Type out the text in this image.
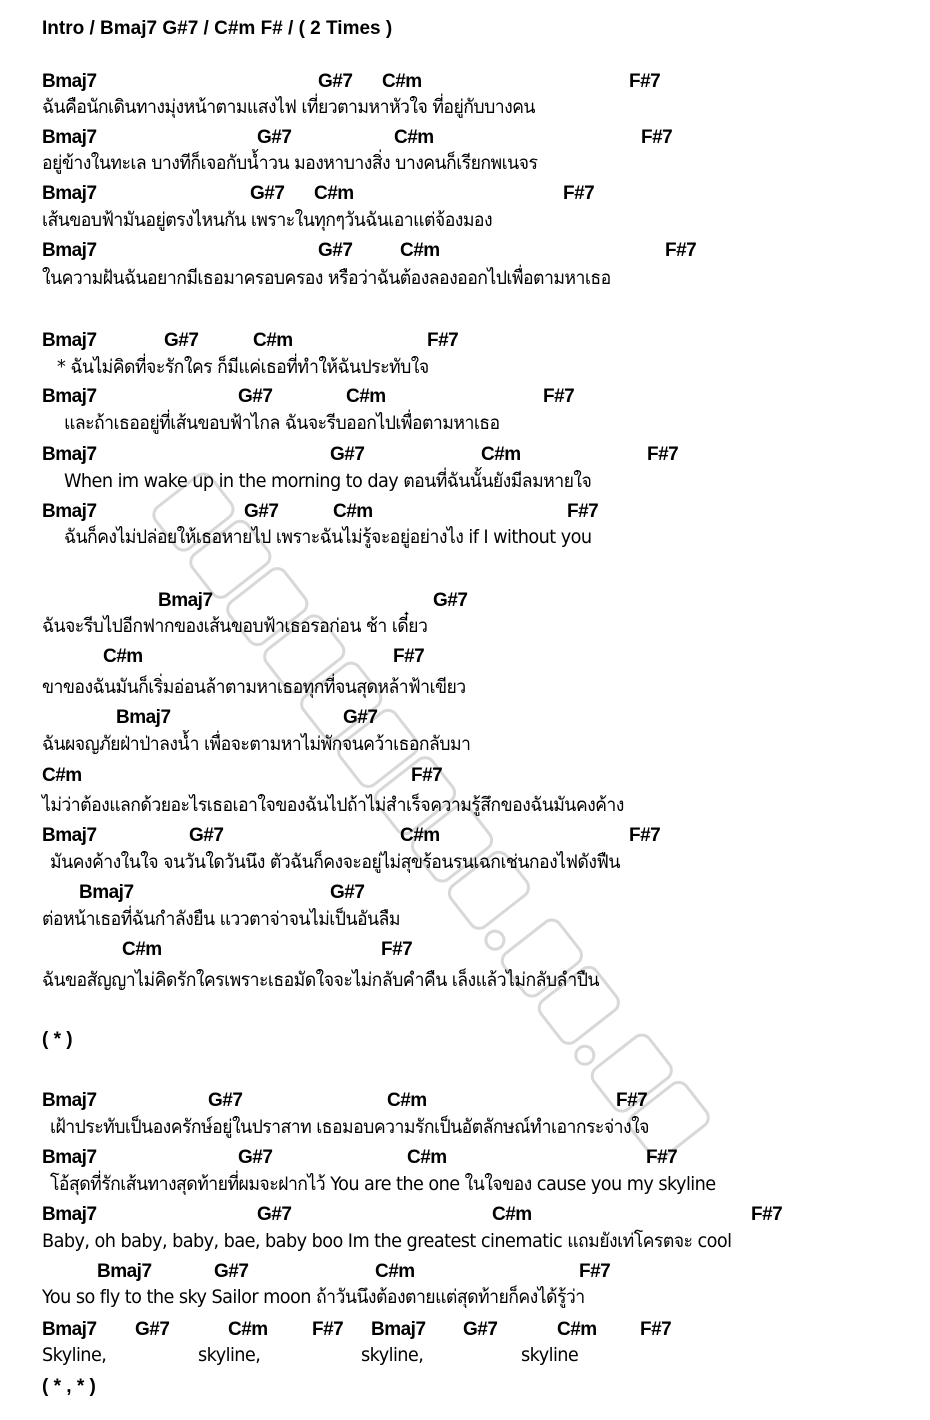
Intro / Bmaj7 G#7 / C#m F# / ( 2 Times )
( * )
( * , * )
Bmaj7	G#7 C#m	F#7
ฉันคือนักเดินทางมุ่งหน้าตามแสงไฟ เที่ยวตามหาหัวใจ ที่อยู่กับบางคน
Bmaj7	G#7	C#m	F#7
อยู่ข้างในทะเล บางทีก็เจอกับน้ำวน มองหาบางสิ่ง บางคนก็เรียกพเนจร
Bmaj7	G#7 C#m	F#7
เส้นขอบฟ้ามันอยู่ตรงไหนกัน เพราะในทุกๆวันฉันเอาแต่จ้องมอง
Bmaj7	G#7	C#m	F#7
ในความฝันฉันอยากมีเธอมาครอบครอง หรือว่าฉันต้องลองออกไปเพื่อตามหาเธอ
Bmaj7	G#7	C#m	F#7
* ฉันไม่คิดที่จะรักใคร ก็มีแค่เธอที่ทำให้ฉันประทับใจ
Bmaj7	G#7	C#m	F#7
และถ้าเธออยู่ที่เส้นขอบฟ้าไกล ฉันจะรีบออกไปเพื่อตามหาเธอ
Bmaj7	G#7	C#m	F#7
When im wake up in the morning to day ตอนที่ฉันนั้นยังมีลมหายใจ
Bmaj7	G#7	C#m	F#7
ฉันก็คงไม่ปล่อยให้เธอหายไป เพราะฉันไม่รู้จะอยู่อย่างไง if I without you
Bmaj7	G#7
ฉันจะรีบไปอีกฟากของเส้นขอบฟ้าเธอรอก่อน ช้า เดี๋ยว
C#m	F#7
ขาของฉันมันก็เริ่มอ่อนล้าตามหาเธอทุกที่จนสุดหล้าฟ้าเขียว
Bmaj7	G#7
ฉันผจญภัยฝ่าป่าลงน้ำ เพื่อจะตามหาไม่พักจนคว้าเธอกลับมา
C#m	F#7
ไม่ว่าต้องแลกด้วยอะไรเธอเอาใจของฉันไปถ้าไม่สำเร็จความรู้สึกของฉันมันคงค้าง
Bmaj7	G#7	C#m	F#7
มันคงค้างในใจ จนวันใดวันนึง ตัวฉันก็คงจะอยู่ไม่สุขร้อนรนเฉกเช่นกองไฟดังฟืน
Bmaj7	G#7
ต่อหน้าเธอที่ฉันกำลังยืน แววตาจ่าจนไม่เป็นอันลืม
C#m	F#7
ฉันขอสัญญาไม่คิดรักใครเพราะเธอมัดใจจะไม่กลับคำคืน เล็งแล้วไม่กลับลำปืน
Bmaj7	G#7	C#m	F#7
เฝ้าประทับเป็นองครักษ์อยู่ในปราสาท เธอมอบความรักเป็นอัตลักษณ์ทำเอากระจ่างใจ
Bmaj7	G#7	C#m	F#7
โอ้สุดที่รักเส้นทางสุดท้ายที่ผมจะฝากไว้ You are the one ในใจของ cause you my skyline
Bmaj7	G#7	C#m	F#7
Baby, oh baby, baby, bae, baby boo Im the greatest cinematic แถมยังเท่โครตจะ cool
Bmaj7	G#7	C#m	F#7
You so fly to the sky Sailor moon ถ้าวันนึงต้องตายแต่สุดท้ายก็คงได้รู้ว่า
Bmaj7 G#7	C#m F#7 Bmaj7 G#7	C#m F#7
Skyline,	skyline,	skyline,	skyline
